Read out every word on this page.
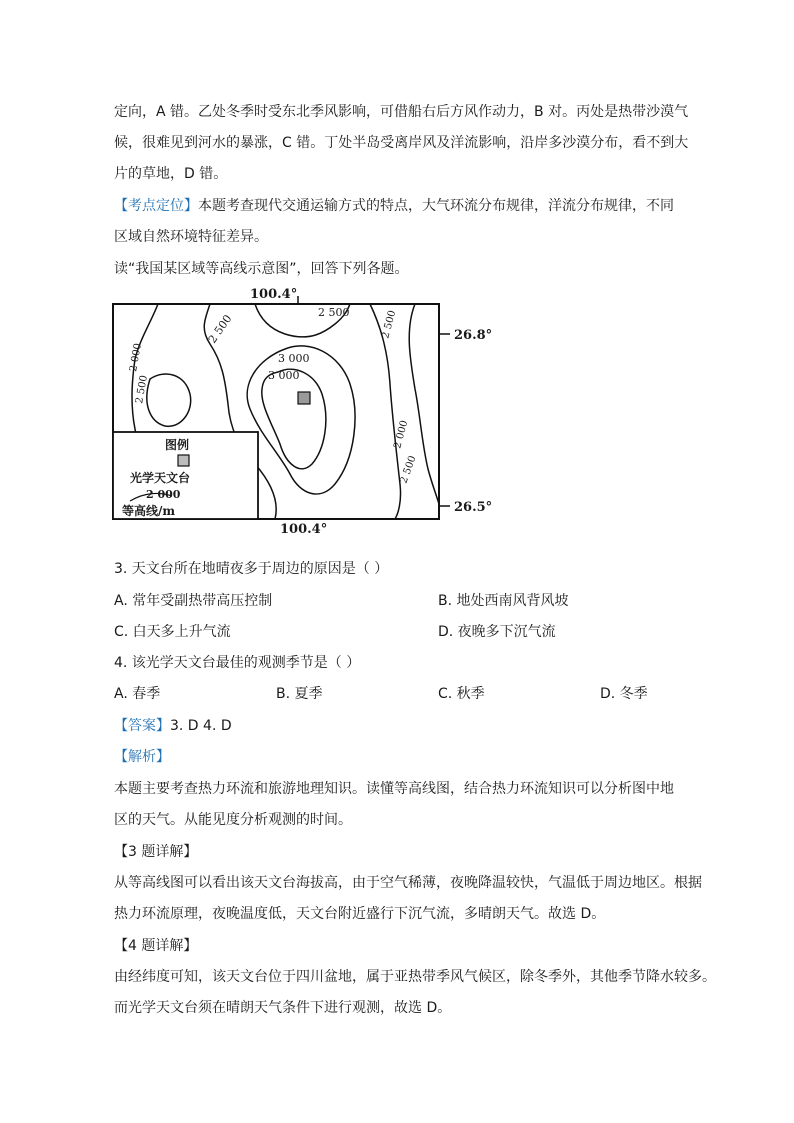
定向，A 错。乙处冬季时受东北季风影响，可借船右后方风作动力，B 对。丙处是热带沙漠气
候，很难见到河水的暴涨，C 错。丁处半岛受离岸风及洋流影响，沿岸多沙漠分布，看不到大
片的草地，D 错。
【考点定位】本题考查现代交通运输方式的特点，大气环流分布规律，洋流分布规律，不同
区域自然环境特征差异。
读“我国某区域等高线示意图”，回答下列各题。
2 500
2 500
3 000
3 000
2 000
2 500
2 500
2 000
2 500
100.4°
26.8°
26.5°
100.4°
图例
光学天文台
2 000
等高线/m
3. 天文台所在地晴夜多于周边的原因是（ ）
A. 常年受副热带高压控制	B. 地处西南风背风坡
C. 白天多上升气流	D. 夜晚多下沉气流
4. 该光学天文台最佳的观测季节是（ ）
A. 春季	B. 夏季	C. 秋季	D. 冬季
【答案】3. D 4. D
【解析】
本题主要考查热力环流和旅游地理知识。读懂等高线图，结合热力环流知识可以分析图中地
区的天气。从能见度分析观测的时间。
【3 题详解】
从等高线图可以看出该天文台海拔高，由于空气稀薄，夜晚降温较快，气温低于周边地区。根据
热力环流原理，夜晚温度低，天文台附近盛行下沉气流，多晴朗天气。故选 D。
【4 题详解】
由经纬度可知，该天文台位于四川盆地，属于亚热带季风气候区，除冬季外，其他季节降水较多。
而光学天文台须在晴朗天气条件下进行观测，故选 D。
